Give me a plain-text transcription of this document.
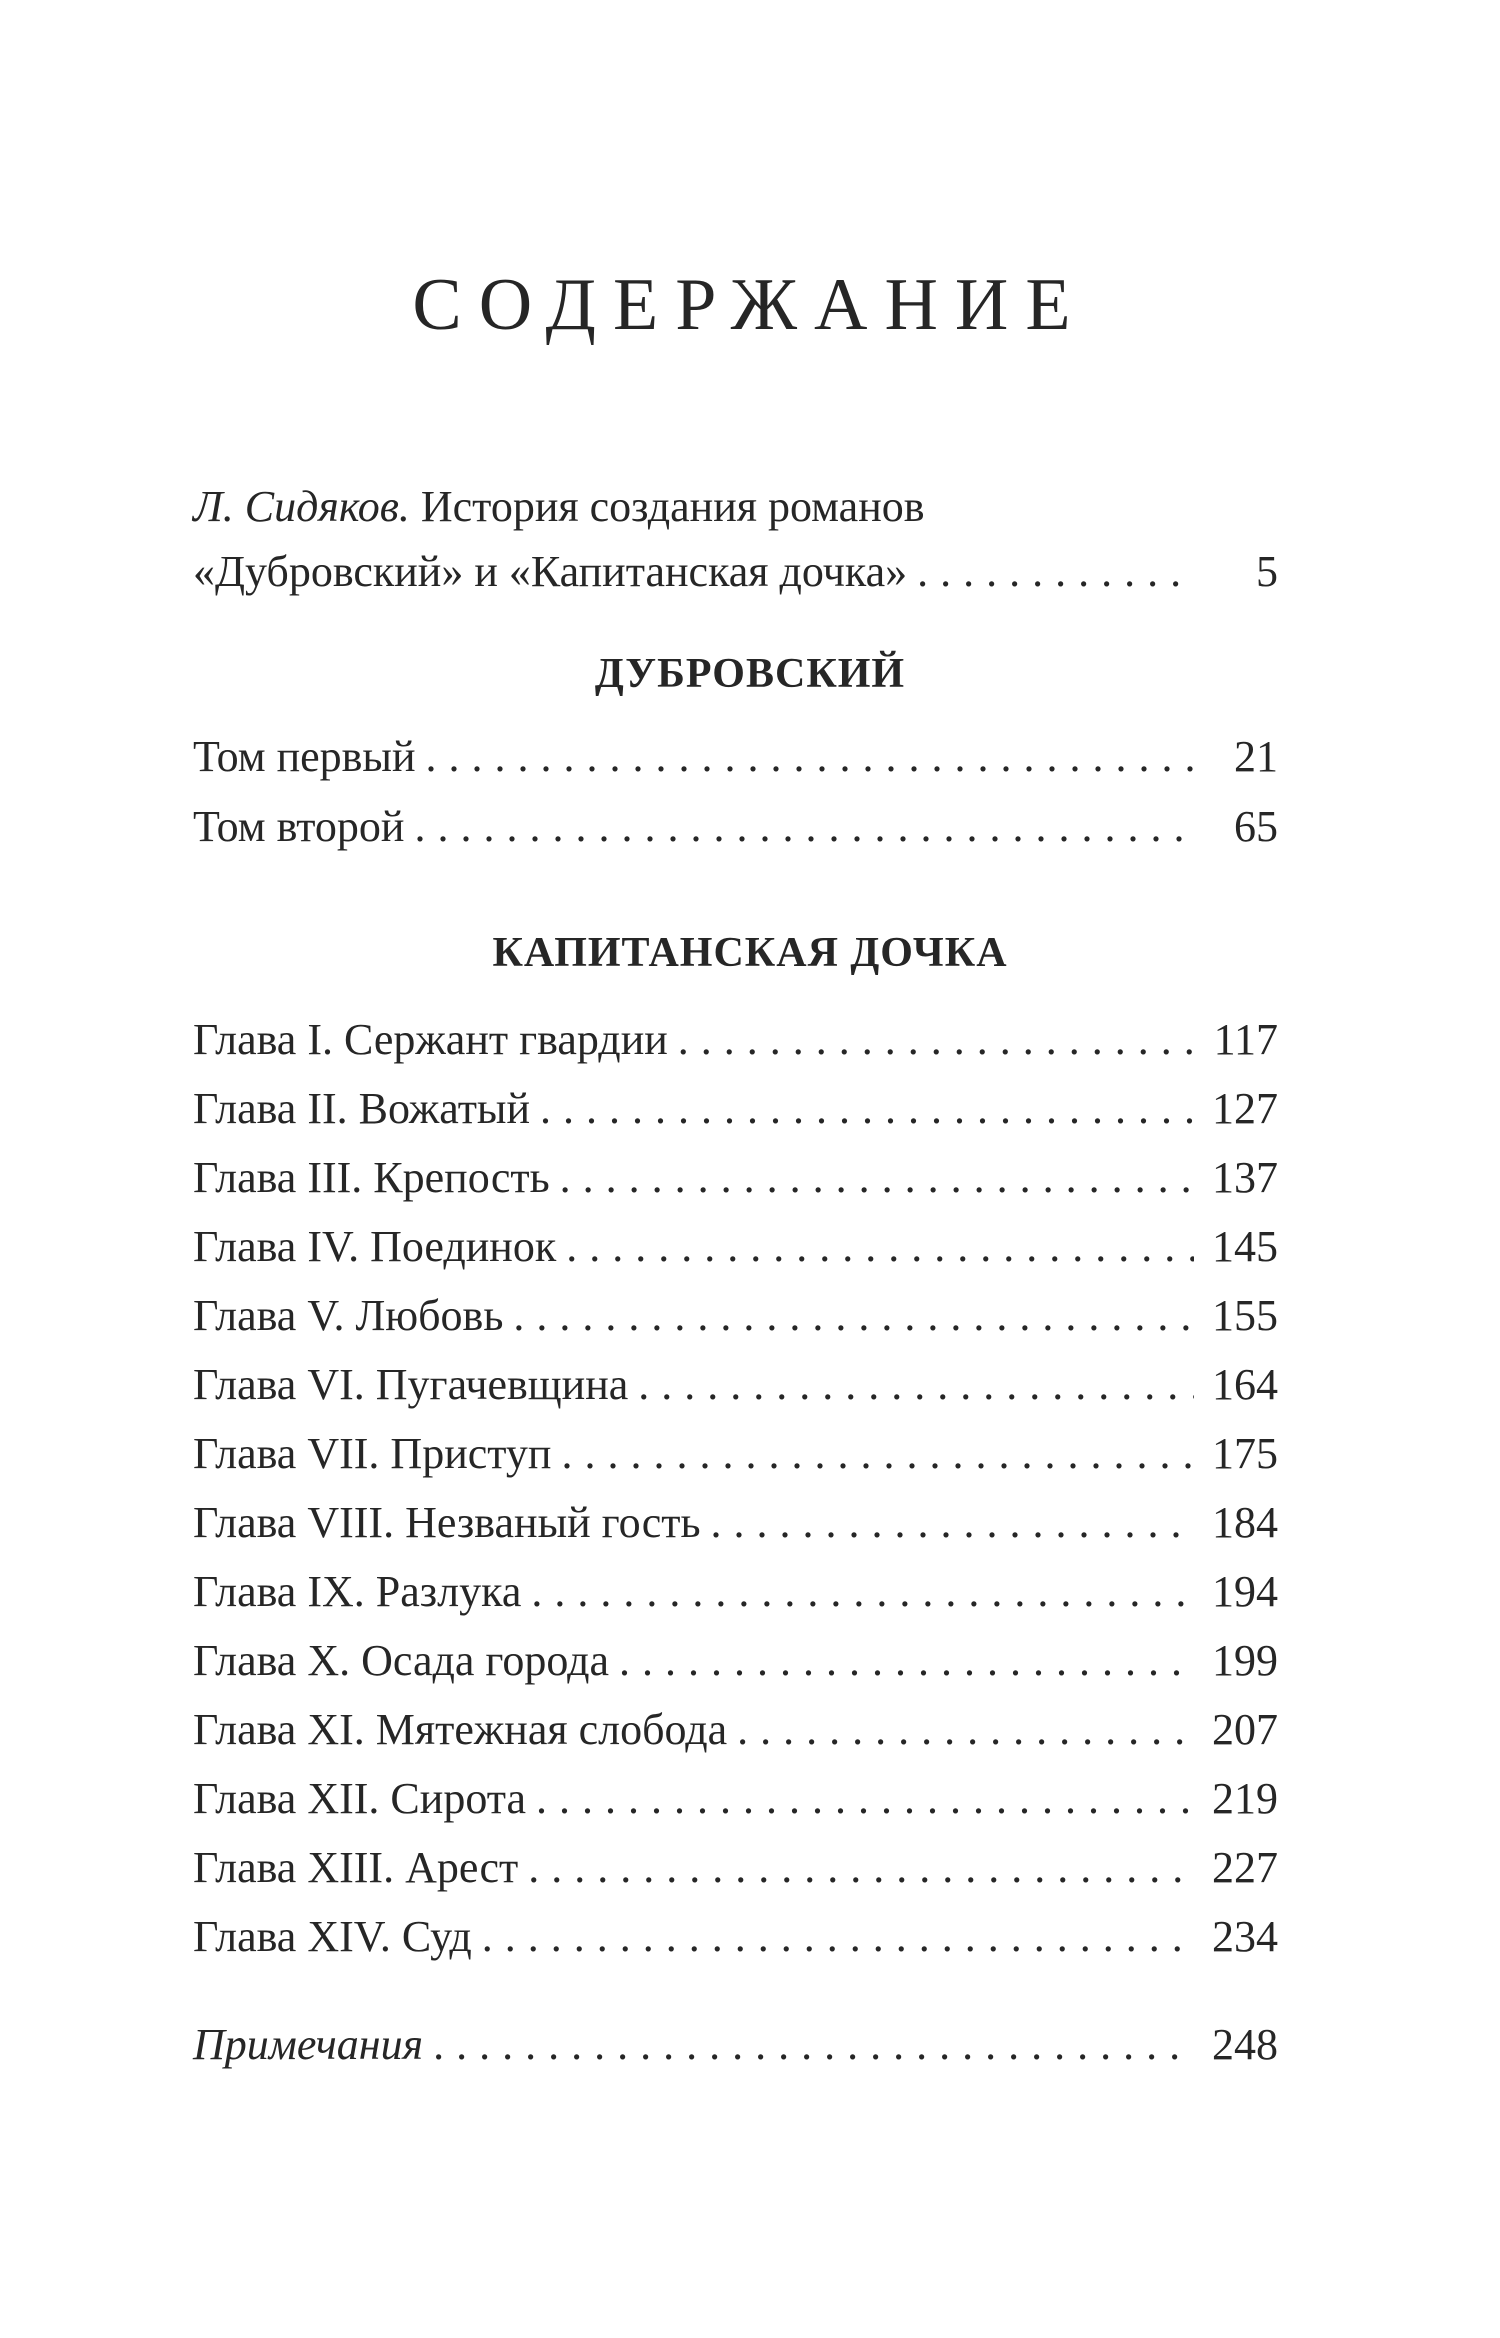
СОДЕРЖАНИЕ
Л. Сидяков. История создания романов
«Дубровский» и «Капитанская дочка» . . .	5
ДУБРОВСКИЙ
Том первый . . .	21
Том второй . . .	65
КАПИТАНСКАЯ ДОЧКА
Глава I. Сержант гвардии . . .	117
Глава II. Вожатый . . .	127
Глава III. Крепость . . .	137
Глава IV. Поединок . . .	145
Глава V. Любовь . . .	155
Глава VI. Пугачевщина . . .	164
Глава VII. Приступ . . .	175
Глава VIII. Незваный гость . . .	184
Глава IX. Разлука . . .	194
Глава X. Осада города . . .	199
Глава XI. Мятежная слобода . . .	207
Глава XII. Сирота . . .	219
Глава XIII. Арест . . .	227
Глава XIV. Суд . . .	234
Примечания . . .	248
